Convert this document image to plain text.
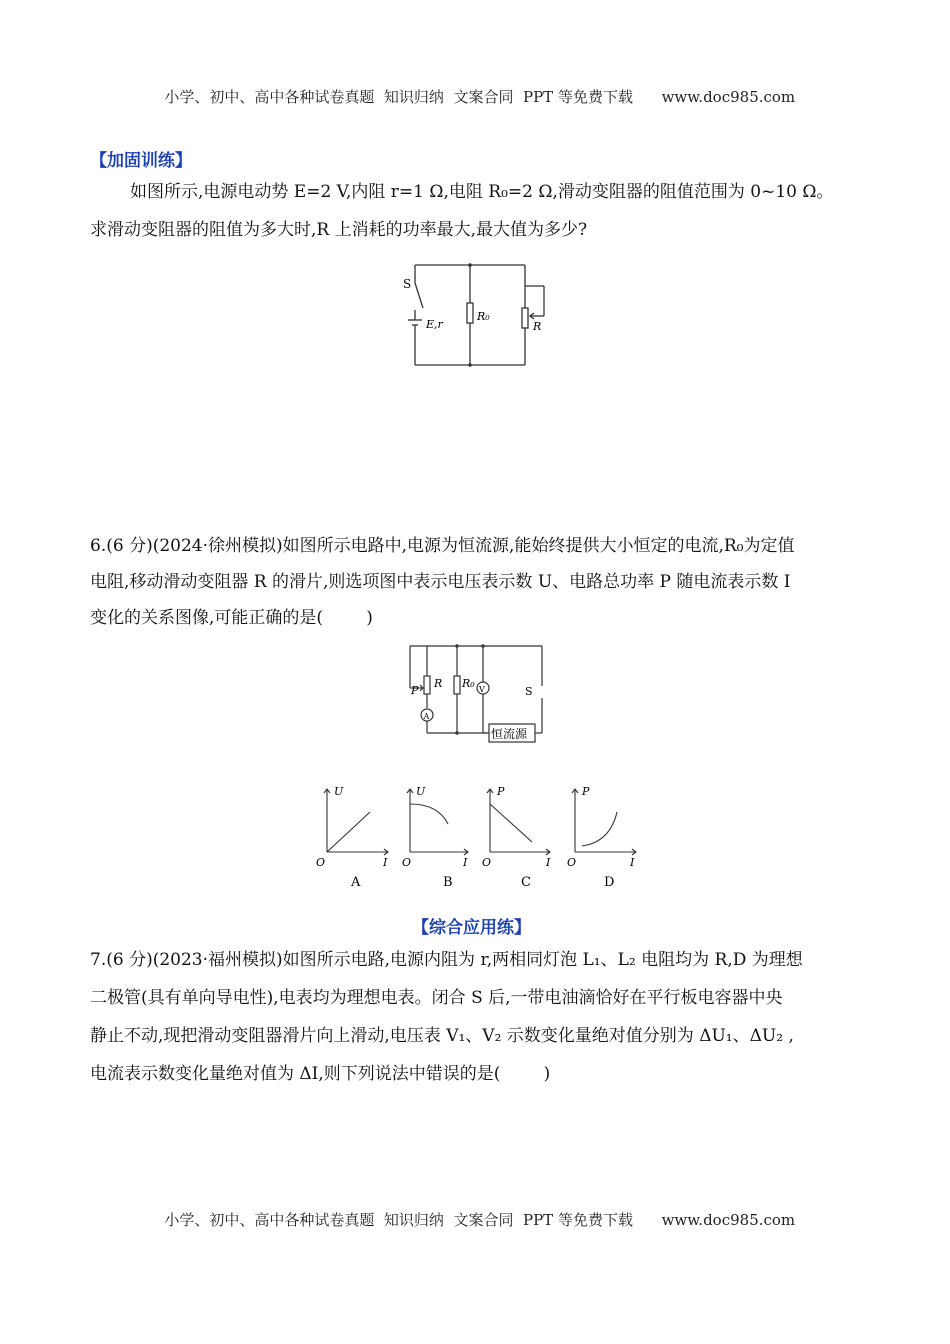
小学、初中、高中各种试卷真题  知识归纳  文案合同  PPT 等免费下载 www.doc985.com

【加固训练】

如图所示,电源电动势 E=2 V,内阻 r=1 Ω,电阻 R₀=2 Ω,滑动变阻器的阻值范围为 0~10 Ω。

求滑动变阻器的阻值为多大时,R 上消耗的功率最大,最大值为多少?

S
E,r
R₀
R

6.(6 分)(2024·徐州模拟)如图所示电路中,电源为恒流源,能始终提供大小恒定的电流,R₀为定值

电阻,移动滑动变阻器 R 的滑片,则选项图中表示电压表示数 U、电路总功率 P 随电流表示数 I

变化的关系图像,可能正确的是(        )

P
R R₀ V
A
S
恒流源
U
I
O
A
U
I
O
B
P
I
O
C
P
I
O
D
【综合应用练】

7.(6 分)(2023·福州模拟)如图所示电路,电源内阻为 r,两相同灯泡 L₁、L₂ 电阻均为 R,D 为理想

二极管(具有单向导电性),电表均为理想电表。闭合 S 后,一带电油滴恰好在平行板电容器中央

静止不动,现把滑动变阻器滑片向上滑动,电压表 V₁、V₂ 示数变化量绝对值分别为 ΔU₁、ΔU₂ ,

电流表示数变化量绝对值为 ΔI,则下列说法中错误的是(        )

小学、初中、高中各种试卷真题  知识归纳  文案合同  PPT 等免费下载 www.doc985.com
